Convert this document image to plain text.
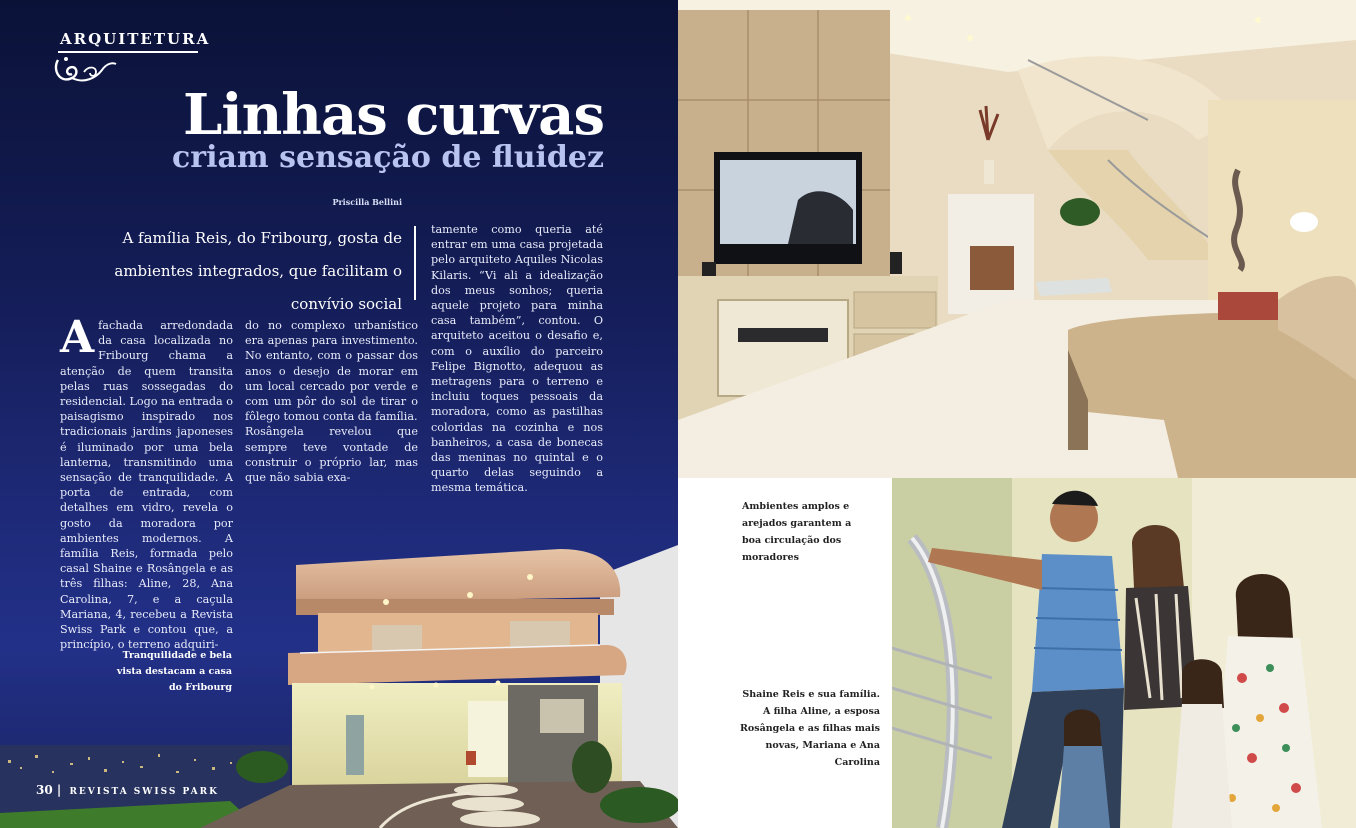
ARQUITETURA
Linhas curvas
criam sensação de fluidez
Priscilla Bellini
A família Reis, do Fribourg, gosta de ambientes integrados, que facilitam o convívio social
Afachada arredondada da casa localizada no Fribourg chama a atenção de quem transita pelas ruas sossegadas do residencial. Logo na entrada o paisagismo inspirado nos tradicionais jardins japoneses é iluminado por uma bela lanterna, transmitindo uma sensação de tranquilidade. A porta de entrada, com detalhes em vidro, revela o gosto da moradora por ambientes modernos. A família Reis, formada pelo casal Shaine e Rosângela e as três filhas: Aline, 28, Ana Carolina, 7, e a caçula Mariana, 4, recebeu a Revista Swiss Park e contou que, a princípio, o terreno adquiri-

do no complexo urbanístico era apenas para investimento. No entanto, com o passar dos anos o desejo de morar em um local cercado por verde e com um pôr do sol de tirar o fôlego tomou conta da família.

Rosângela revelou que sempre teve vontade de construir o próprio lar, mas que não sabia exa-

tamente como queria até entrar em uma casa projetada pelo arquiteto Aquiles Nicolas Kilaris. “Vi ali a idealização dos meus sonhos; queria aquele projeto para minha casa também”, contou. O arquiteto aceitou o desafio e, com o auxílio do parceiro Felipe Bignotto, adequou as metragens para o terreno e incluiu toques pessoais da moradora, como as pastilhas coloridas na cozinha e nos banheiros, a casa de bonecas das meninas no quintal e o quarto delas seguindo a mesma temática.

Tranquilidade e bela vista destacam a casa do Fribourg
30 | REVISTA SWISS PARK
Ambientes amplos e arejados garantem a boa circulação dos moradores
Shaine Reis e sua família. A filha Aline, a esposa Rosângela e as filhas mais novas, Mariana e Ana Carolina
